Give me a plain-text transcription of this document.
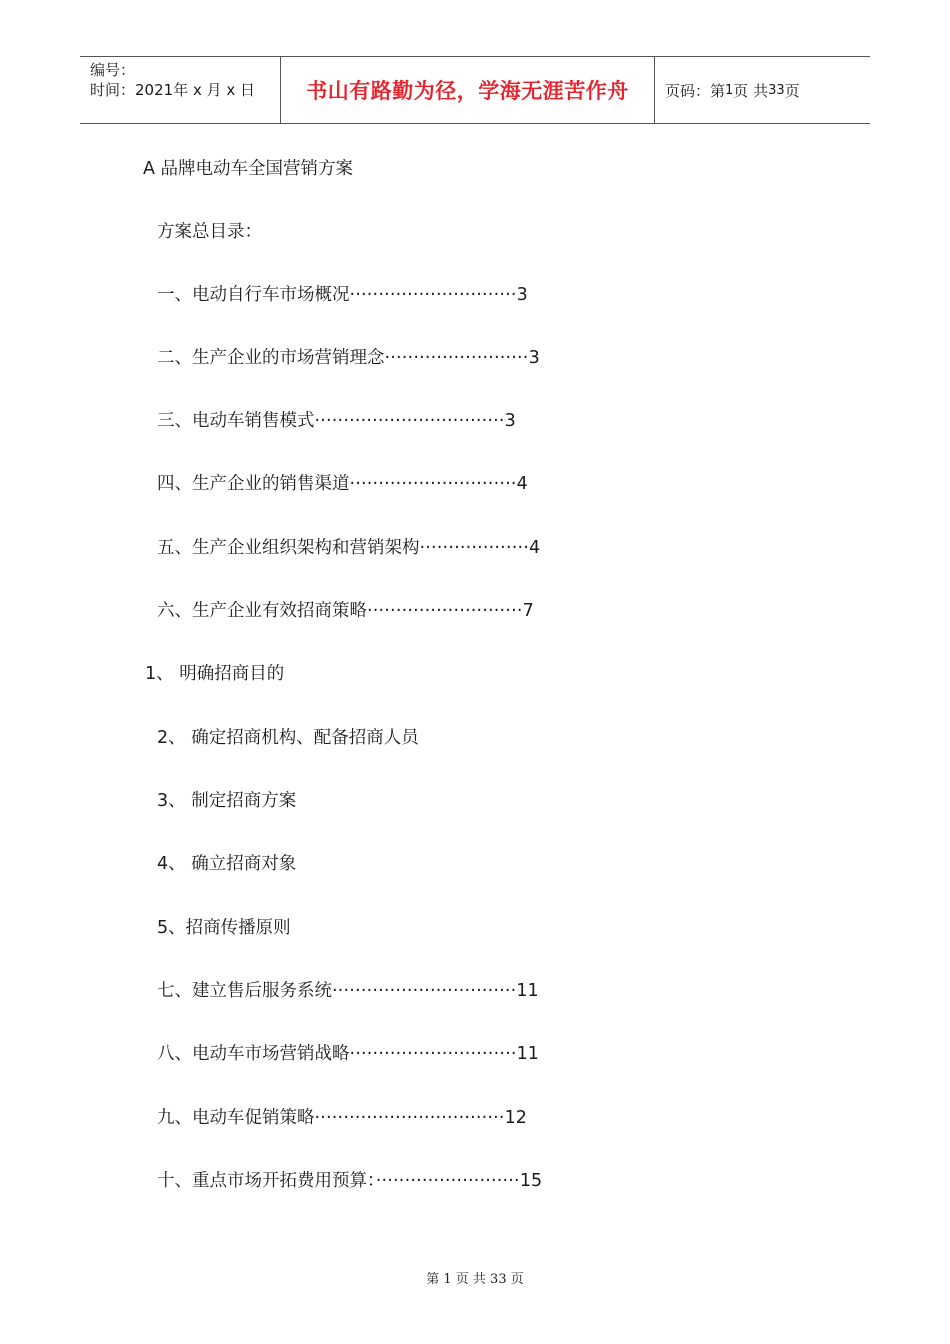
编号：
时间：2021年 x 月 x 日	书山有路勤为径，学海无涯苦作舟	页码：第 1 页 共 33 页
A 品牌电动车全国营销方案
方案总目录：
一、电动自行车市场概况·····························3
二、生产企业的市场营销理念·························3
三、电动车销售模式·································3
四、生产企业的销售渠道·····························4
五、生产企业组织架构和营销架构···················4
六、生产企业有效招商策略···························7
1、 明确招商目的
2、 确定招商机构、配备招商人员
3、 制定招商方案
4、 确立招商对象
5、招商传播原则
七、建立售后服务系统································11
八、电动车市场营销战略·····························11
九、电动车促销策略·································12
十、重点市场开拓费用预算：·························15
第 1 页 共 33 页
